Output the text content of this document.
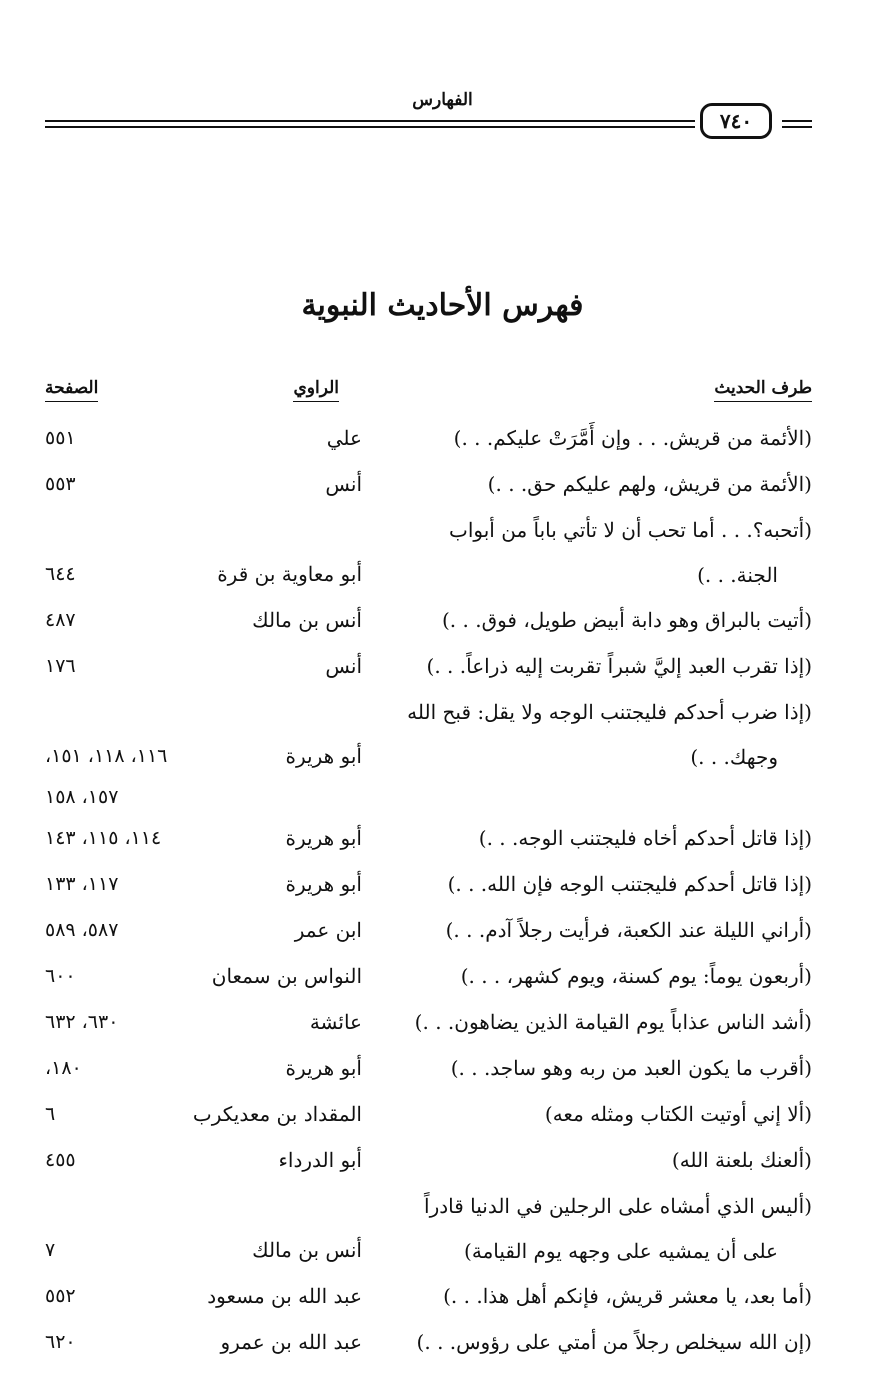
الفهارس
٧٤٠
فهرس الأحاديث النبوية
طرف الحديث
الراوي
الصفحة
(الأئمة من قريش. . . وإن أَمَّرَتْ عليكم. . .)
علي
٥٥١
(الأئمة من قريش، ولهم عليكم حق. . .)
أنس
٥٥٣
(أتحبه؟. . . أما تحب أن لا تأتي باباً من أبواب
الجنة. . .)
أبو معاوية بن قرة
٦٤٤
(أتيت بالبراق وهو دابة أبيض طويل، فوق. . .)
أنس بن مالك
٤٨٧
(إذا تقرب العبد إليَّ شبراً تقربت إليه ذراعاً. . .)
أنس
١٧٦
(إذا ضرب أحدكم فليجتنب الوجه ولا يقل: قبح الله
وجهك. . .)
أبو هريرة
١١٦، ١١٨، ١٥١،
١٥٧، ١٥٨
(إذا قاتل أحدكم أخاه فليجتنب الوجه. . .)
أبو هريرة
١١٤، ١١٥، ١٤٣
(إذا قاتل أحدكم فليجتنب الوجه فإن الله. . .)
أبو هريرة
١١٧، ١٣٣
(أراني الليلة عند الكعبة، فرأيت رجلاً آدم. . .)
ابن عمر
٥٨٧، ٥٨٩
(أربعون يوماً: يوم كسنة، ويوم كشهر، . . .)
النواس بن سمعان
٦٠٠
(أشد الناس عذاباً يوم القيامة الذين يضاهون. . .)
عائشة
٦٣٠، ٦٣٢
(أقرب ما يكون العبد من ربه وهو ساجد. . .)
أبو هريرة
١٨٠،
(ألا إني أوتيت الكتاب ومثله معه)
المقداد بن معديكرب
٦
(ألعنك بلعنة الله)
أبو الدرداء
٤٥٥
(أليس الذي أمشاه على الرجلين في الدنيا قادراً
على أن يمشيه على وجهه يوم القيامة)
أنس بن مالك
٧
(أما بعد، يا معشر قريش، فإنكم أهل هذا. . .)
عبد الله بن مسعود
٥٥٢
(إن الله سيخلص رجلاً من أمتي على رؤوس. . .)
عبد الله بن عمرو
٦٢٠
